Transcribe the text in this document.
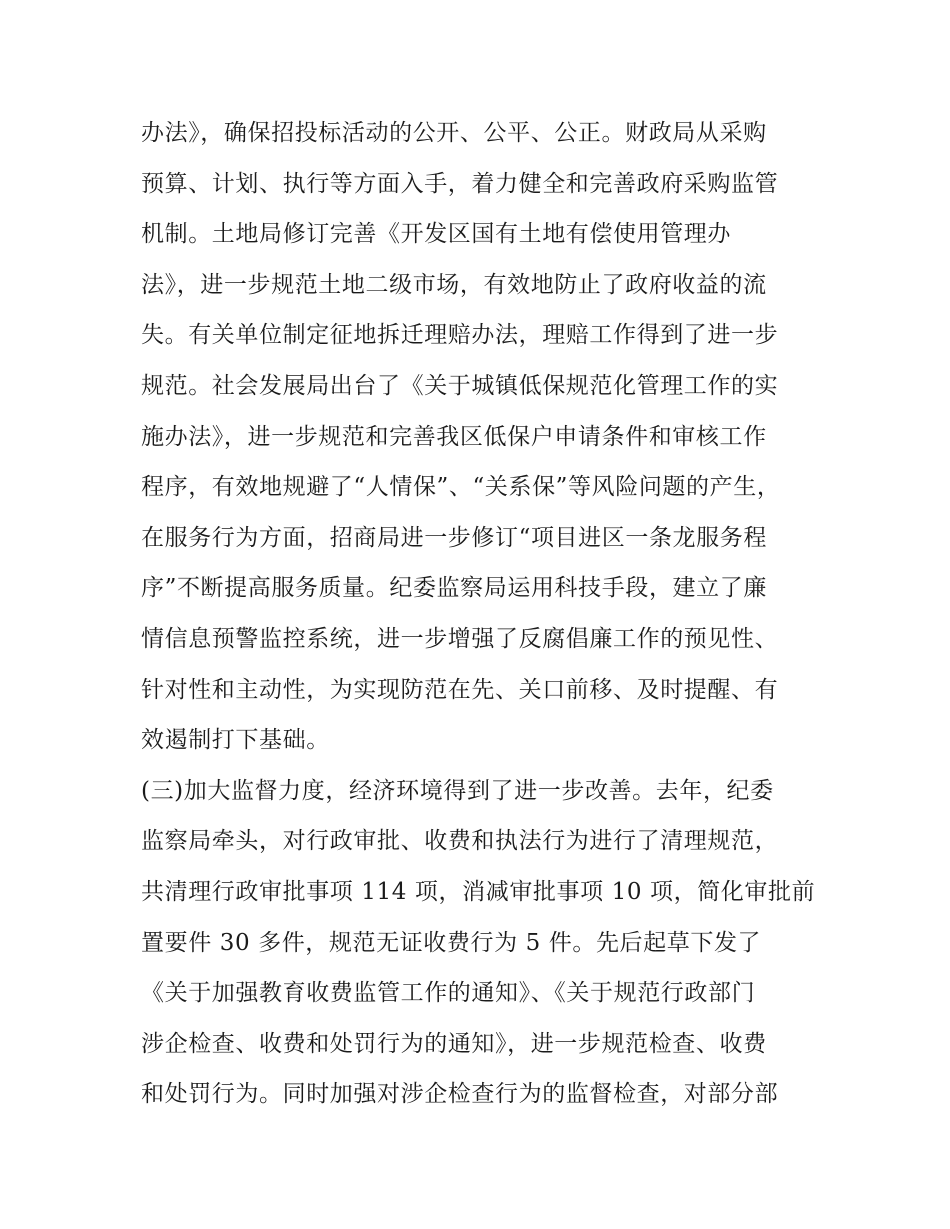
办法》，确保招投标活动的公开、公平、公正。财政局从采购
预算、计划、执行等方面入手，着力健全和完善政府采购监管
机制。土地局修订完善《开发区国有土地有偿使用管理办
法》，进一步规范土地二级市场，有效地防止了政府收益的流
失。有关单位制定征地拆迁理赔办法，理赔工作得到了进一步
规范。社会发展局出台了《关于城镇低保规范化管理工作的实
施办法》，进一步规范和完善我区低保户申请条件和审核工作
程序，有效地规避了“人情保”、“关系保”等风险问题的产生，
在服务行为方面，招商局进一步修订“项目进区一条龙服务程
序”不断提高服务质量。纪委监察局运用科技手段，建立了廉
情信息预警监控系统，进一步增强了反腐倡廉工作的预见性、
针对性和主动性，为实现防范在先、关口前移、及时提醒、有
效遏制打下基础。
(三)加大监督力度，经济环境得到了进一步改善。去年，纪委
监察局牵头，对行政审批、收费和执法行为进行了清理规范，
共清理行政审批事项 114 项，消减审批事项 10 项，简化审批前
置要件 30 多件，规范无证收费行为 5 件。先后起草下发了
《关于加强教育收费监管工作的通知》、《关于规范行政部门
涉企检查、收费和处罚行为的通知》，进一步规范检查、收费
和处罚行为。同时加强对涉企检查行为的监督检查，对部分部
